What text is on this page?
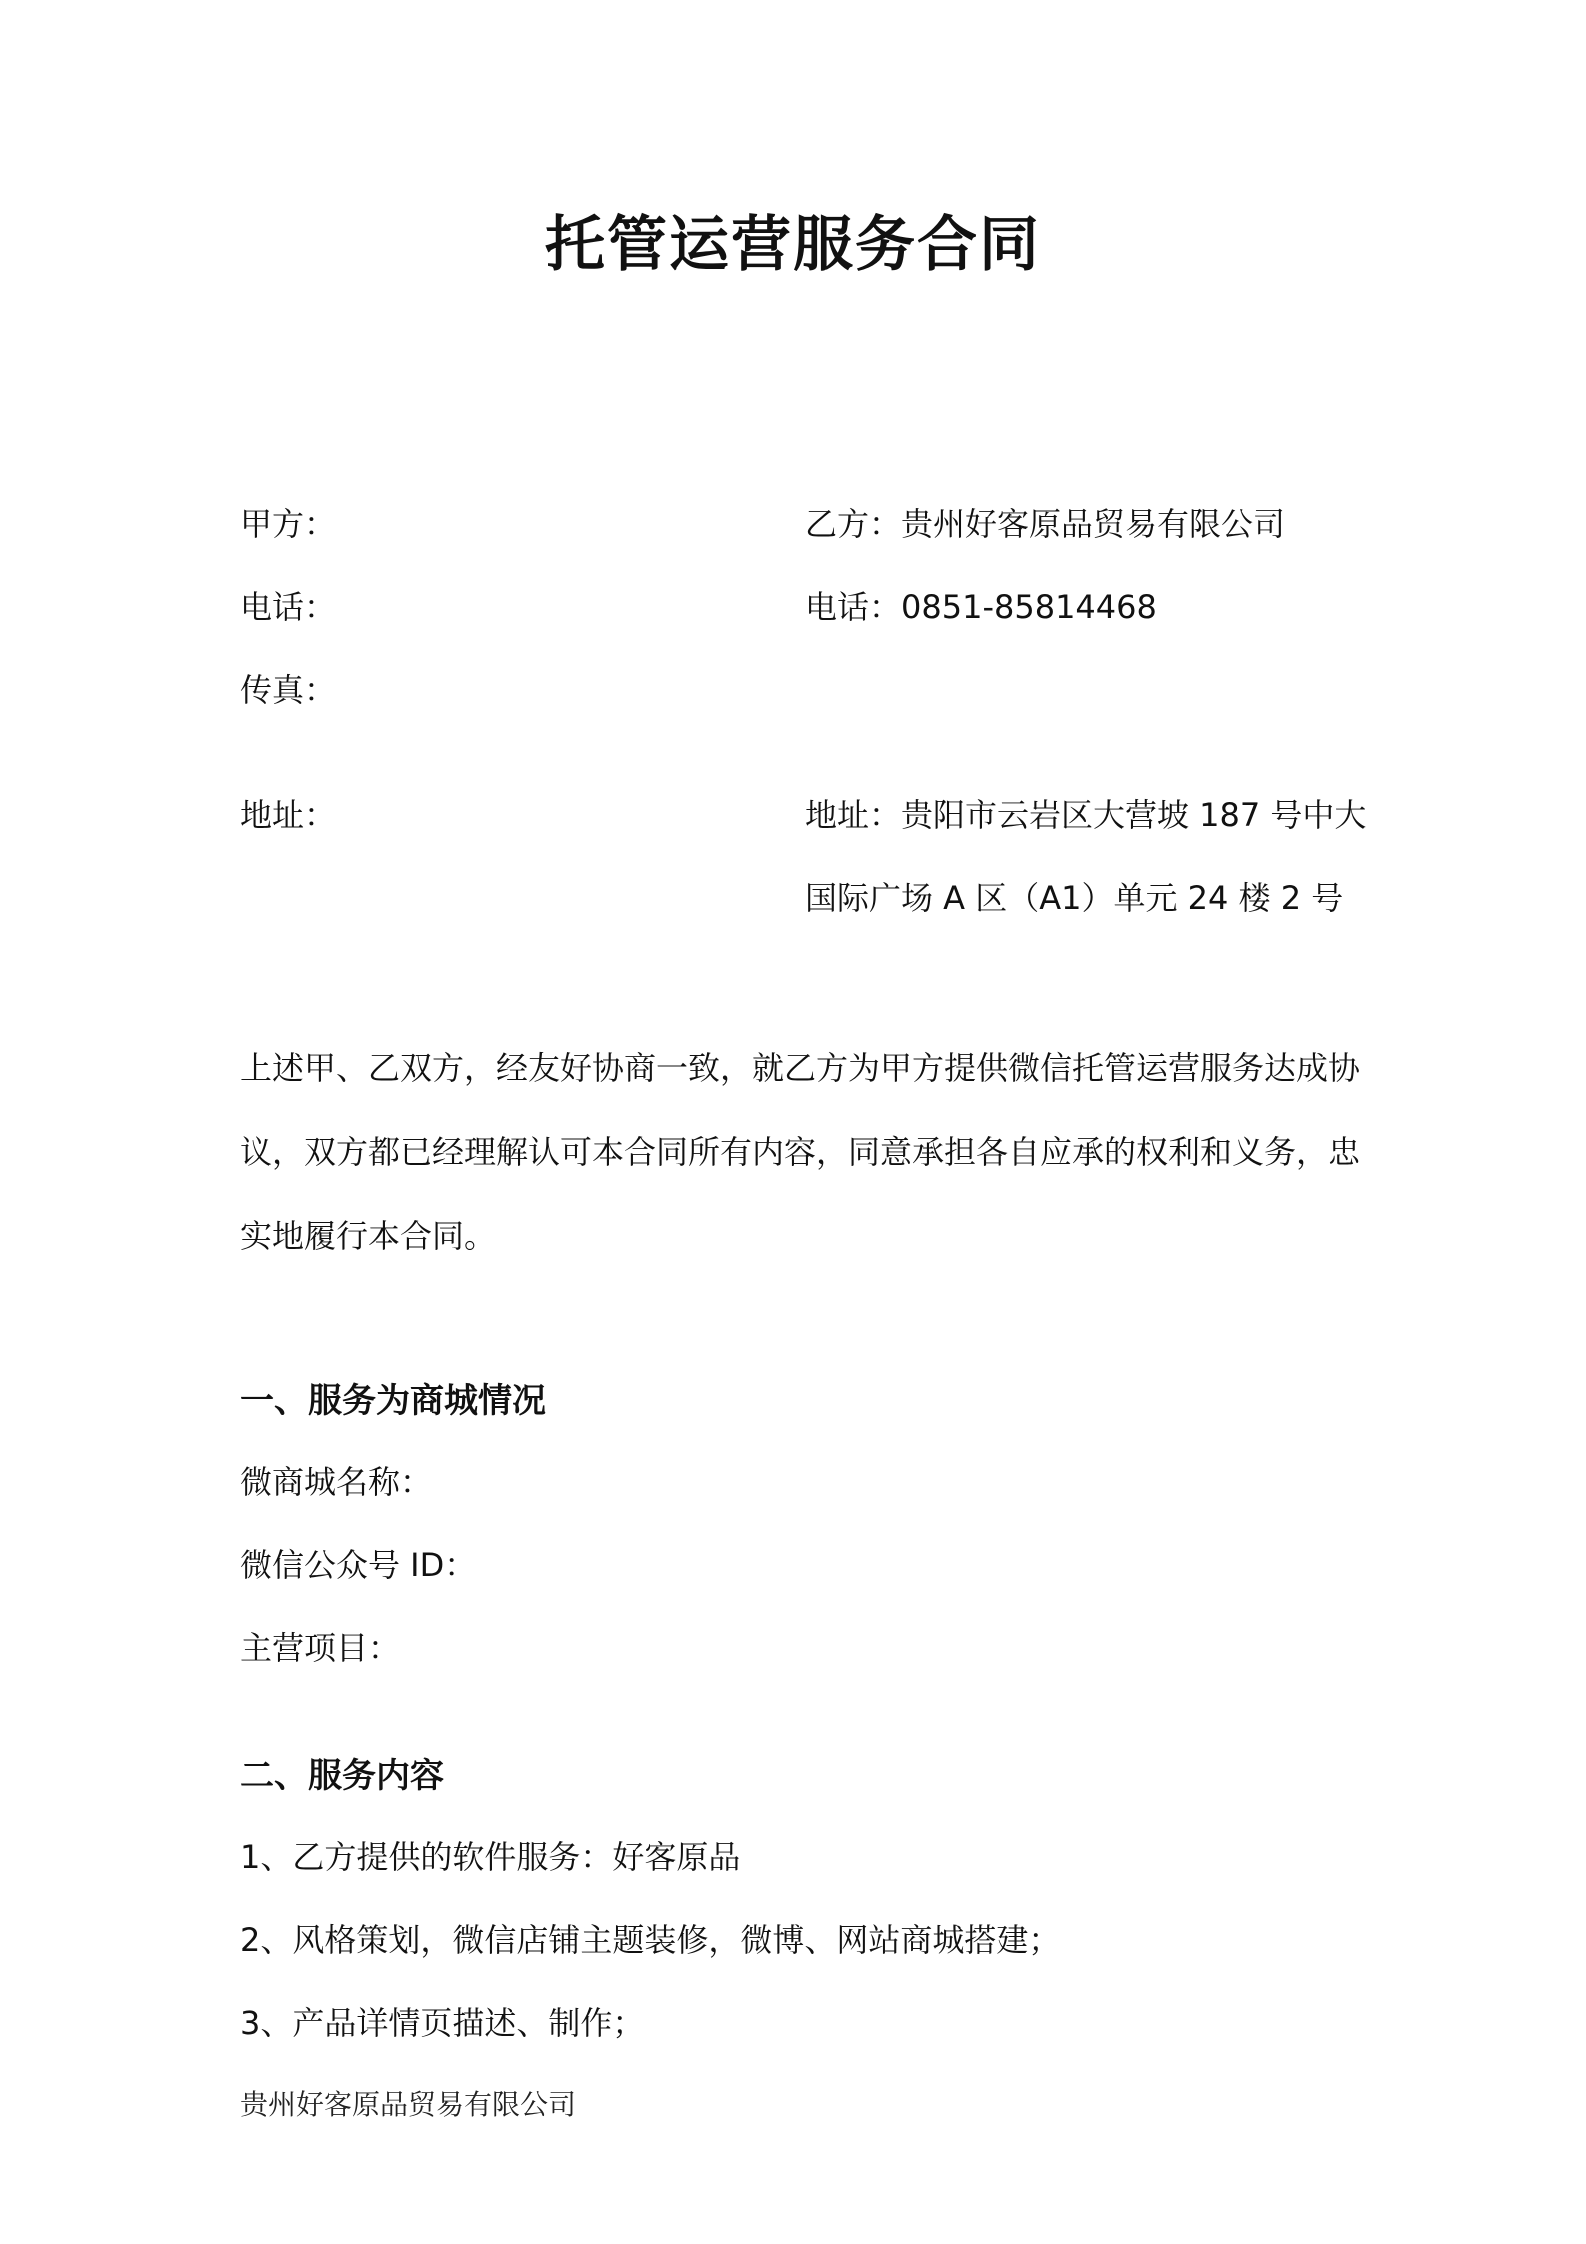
托管运营服务合同
甲方：	乙方：贵州好客原品贸易有限公司
电话：	电话：0851-85814468
传真：
地址：	地址：贵阳市云岩区大营坡 187 号中大
国际广场 A 区（A1）单元 24 楼 2 号
上述甲、乙双方，经友好协商一致，就乙方为甲方提供微信托管运营服务达成协
议，双方都已经理解认可本合同所有内容，同意承担各自应承的权利和义务，忠
实地履行本合同。
一、服务为商城情况
微商城名称：
微信公众号 ID：
主营项目：
二、服务内容
1、乙方提供的软件服务：好客原品
2、风格策划，微信店铺主题装修，微博、网站商城搭建；
3、产品详情页描述、制作；
贵州好客原品贸易有限公司
